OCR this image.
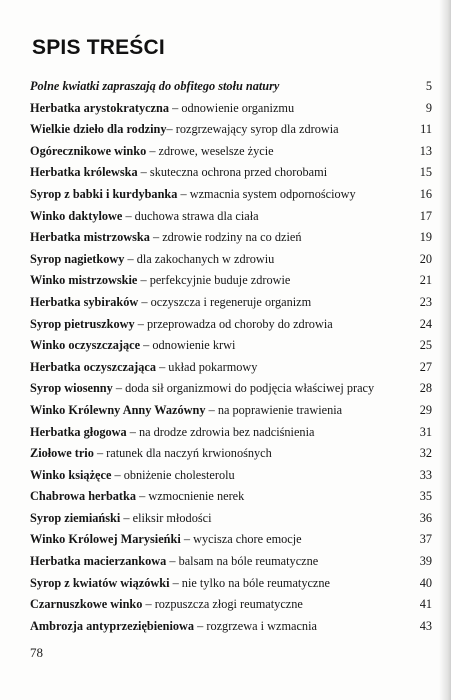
SPIS TREŚCI
Polne kwiatki zapraszają do obfitego stołu natury	5
Herbatka arystokratyczna – odnowienie organizmu	9
Wielkie dzieło dla rodziny– rozgrzewający syrop dla zdrowia	11
Ogórecznikowe winko – zdrowe, weselsze życie	13
Herbatka królewska – skuteczna ochrona przed chorobami	15
Syrop z babki i kurdybanka – wzmacnia system odpornościowy	16
Winko daktylowe – duchowa strawa dla ciała	17
Herbatka mistrzowska – zdrowie rodziny na co dzień	19
Syrop nagietkowy – dla zakochanych w zdrowiu	20
Winko mistrzowskie – perfekcyjnie buduje zdrowie	21
Herbatka sybiraków – oczyszcza i regeneruje organizm	23
Syrop pietruszkowy – przeprowadza od choroby do zdrowia	24
Winko oczyszczające – odnowienie krwi	25
Herbatka oczyszczająca – układ pokarmowy	27
Syrop wiosenny – doda sił organizmowi do podjęcia właściwej pracy	28
Winko Królewny Anny Wazówny – na poprawienie trawienia	29
Herbatka głogowa – na drodze zdrowia bez nadciśnienia	31
Ziołowe trio – ratunek dla naczyń krwionośnych	32
Winko książęce – obniżenie cholesterolu	33
Chabrowa herbatka – wzmocnienie nerek	35
Syrop ziemiański – eliksir młodości	36
Winko Królowej Marysieńki – wycisza chore emocje	37
Herbatka macierzankowa – balsam na bóle reumatyczne	39
Syrop z kwiatów wiązówki – nie tylko na bóle reumatyczne	40
Czarnuszkowe winko – rozpuszcza złogi reumatyczne	41
Ambrozja antyprzeziębieniowa – rozgrzewa i wzmacnia	43
78
